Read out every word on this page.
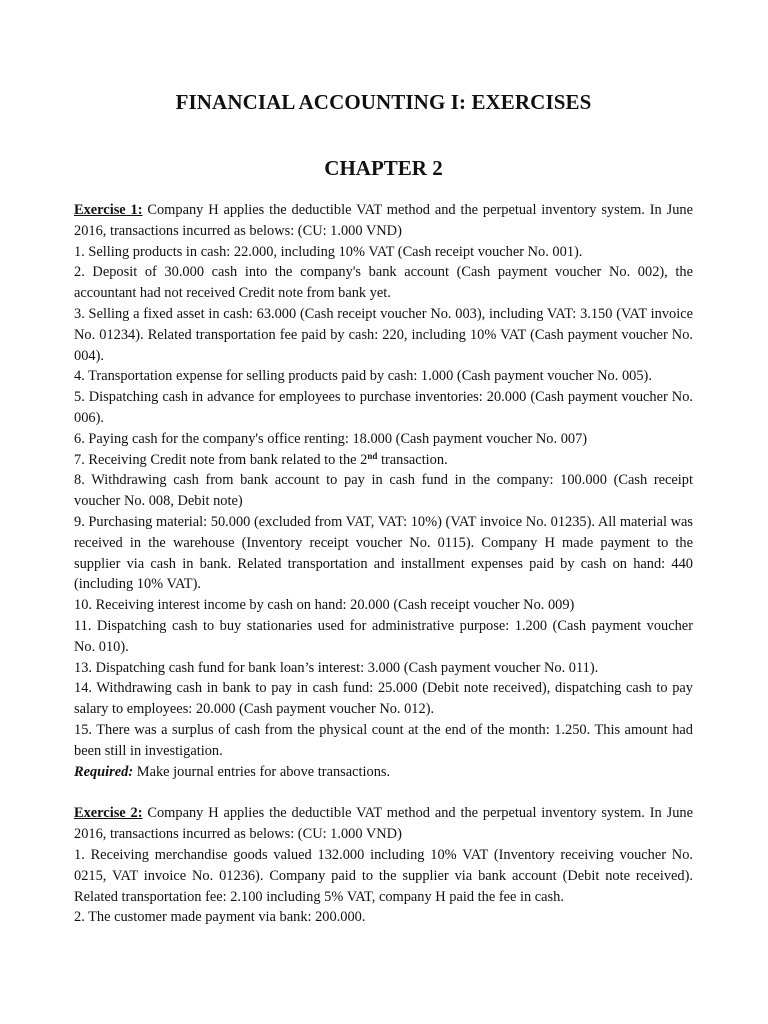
FINANCIAL ACCOUNTING I: EXERCISES
CHAPTER 2

Exercise 1: Company H applies the deductible VAT method and the perpetual inventory system. In June 2016, transactions incurred as belows: (CU: 1.000 VND)

1. Selling products in cash: 22.000, including 10% VAT (Cash receipt voucher No. 001).

2. Deposit of 30.000 cash into the company's bank account (Cash payment voucher No. 002), the accountant had not received Credit note from bank yet.

3. Selling a fixed asset in cash: 63.000 (Cash receipt voucher No. 003), including VAT: 3.150 (VAT invoice No. 01234). Related transportation fee paid by cash: 220, including 10% VAT (Cash payment voucher No. 004).

4. Transportation expense for selling products paid by cash: 1.000 (Cash payment voucher No. 005).

5. Dispatching cash in advance for employees to purchase inventories: 20.000 (Cash payment voucher No. 006).

6. Paying cash for the company's office renting: 18.000 (Cash payment voucher No. 007)

7. Receiving Credit note from bank related to the 2nd transaction.

8. Withdrawing cash from bank account to pay in cash fund in the company: 100.000 (Cash receipt voucher No. 008, Debit note)

9. Purchasing material: 50.000 (excluded from VAT, VAT: 10%) (VAT invoice No. 01235). All material was received in the warehouse (Inventory receipt voucher No. 0115). Company H made payment to the supplier via cash in bank. Related transportation and installment expenses paid by cash on hand: 440 (including 10% VAT).

10. Receiving interest income by cash on hand: 20.000 (Cash receipt voucher No. 009)

11. Dispatching cash to buy stationaries used for administrative purpose: 1.200 (Cash payment voucher No. 010).

13. Dispatching cash fund for bank loan’s interest: 3.000 (Cash payment voucher No. 011).

14. Withdrawing cash in bank to pay in cash fund: 25.000 (Debit note received), dispatching cash to pay salary to employees: 20.000 (Cash payment voucher No. 012).

15. There was a surplus of cash from the physical count at the end of the month: 1.250. This amount had been still in investigation.

Required: Make journal entries for above transactions.

Exercise 2: Company H applies the deductible VAT method and the perpetual inventory system. In June 2016, transactions incurred as belows: (CU: 1.000 VND)

1. Receiving merchandise goods valued 132.000 including 10% VAT (Inventory receiving voucher No. 0215, VAT invoice No. 01236). Company paid to the supplier via bank account (Debit note received). Related transportation fee: 2.100 including 5% VAT, company H paid the fee in cash.

2. The customer made payment via bank: 200.000.
